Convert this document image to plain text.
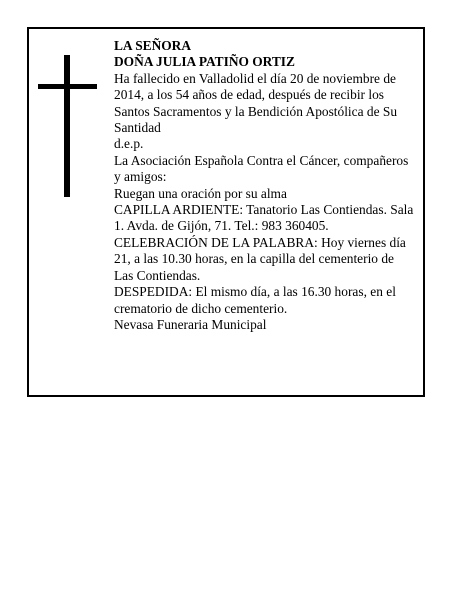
LA SEÑORA

DOÑA JULIA PATIÑO ORTIZ

Ha fallecido en Valladolid el día 20 de noviembre de 2014, a los 54 años de edad, después de recibir los Santos Sacramentos y la Bendición Apostólica de Su Santidad

d.e.p.

La Asociación Española Contra el Cáncer, compañeros y amigos:

Ruegan una oración por su alma

CAPILLA ARDIENTE: Tanatorio Las Contiendas. Sala 1. Avda. de Gijón, 71. Tel.: 983 360405.

CELEBRACIÓN DE LA PALABRA: Hoy viernes día 21, a las 10.30 horas, en la capilla del cementerio de Las Contiendas.

DESPEDIDA: El mismo día, a las 16.30 horas, en el crematorio de dicho cementerio.

Nevasa Funeraria Municipal
